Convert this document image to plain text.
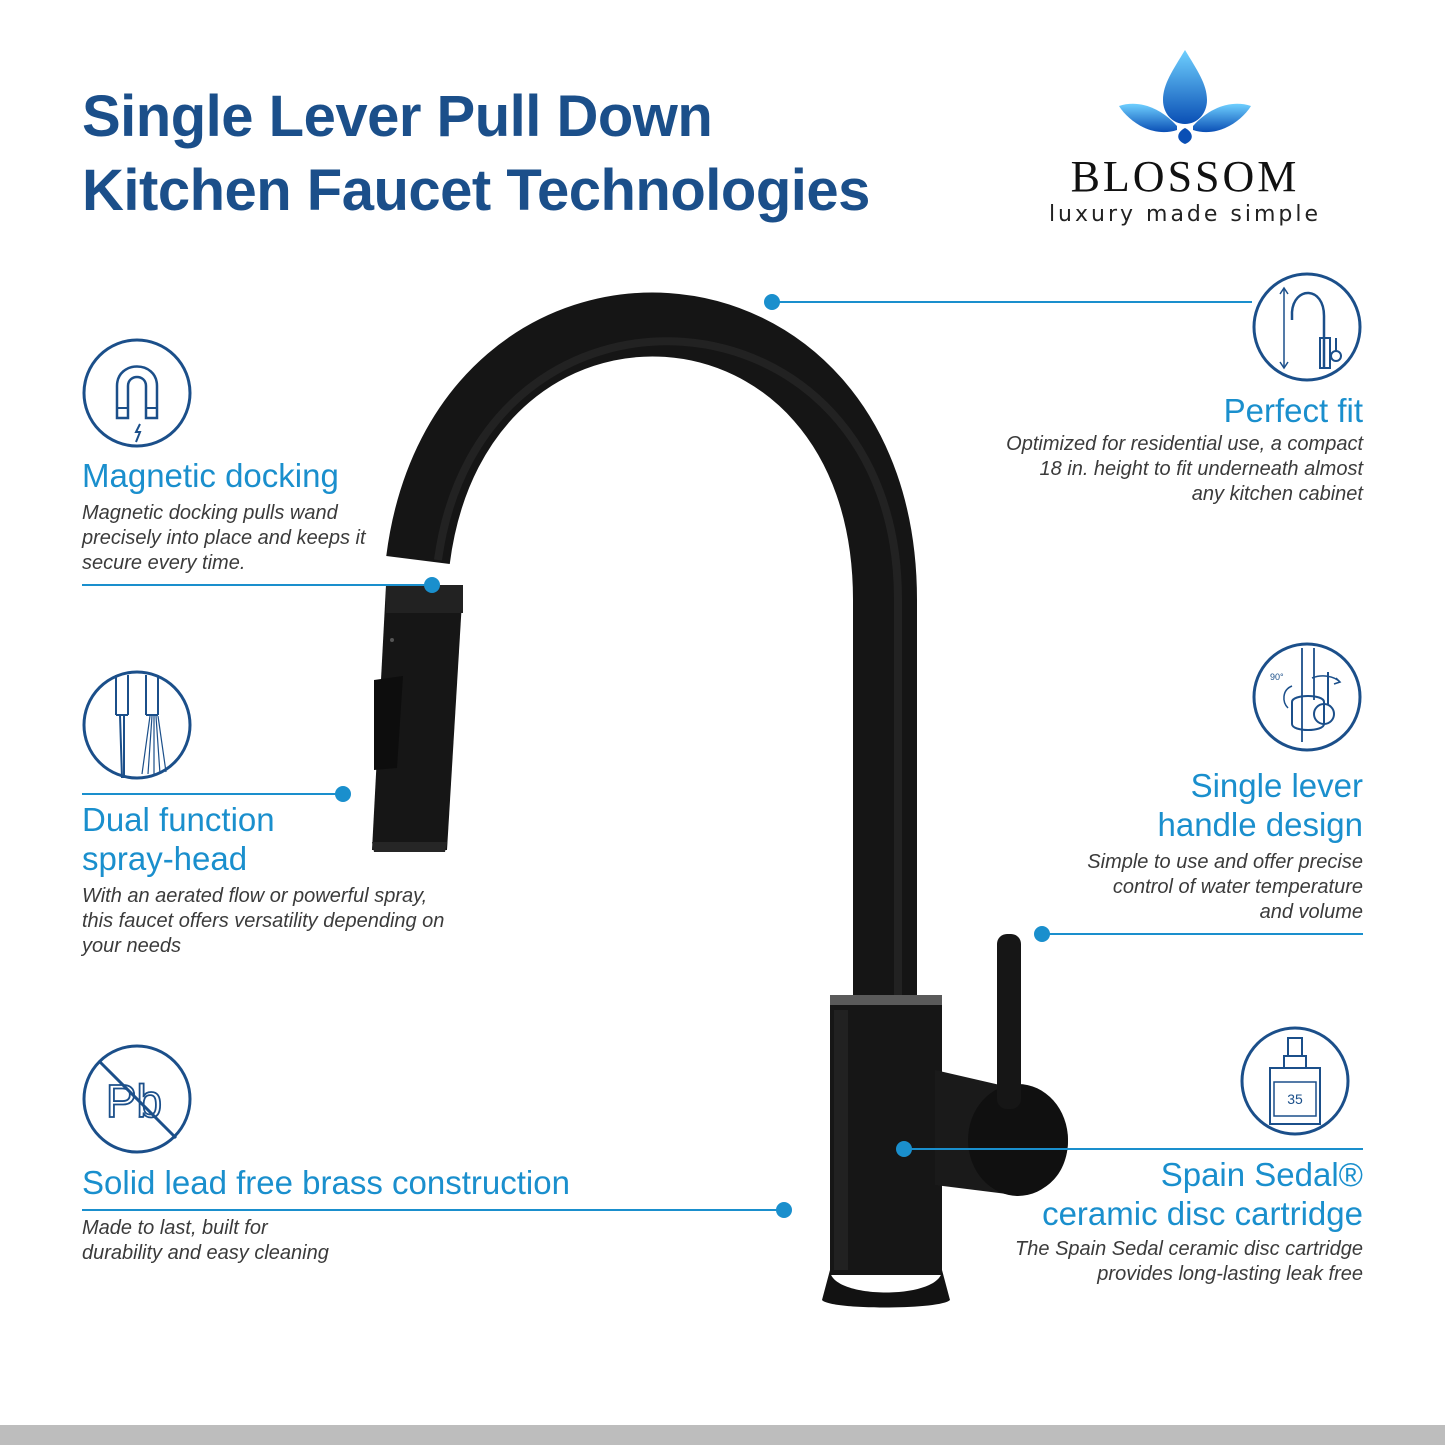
Single Lever Pull Down
Kitchen Faucet Technologies	BLOSSOM
luxury made simple
Magnetic docking
Magnetic docking pulls wand precisely into place and keeps it secure every time.
Dual function
spray-head
With an aerated flow or powerful spray, this faucet offers versatility depending on your needs
Pb
Solid lead free brass construction
Made to last, built for
durability and easy cleaning
Perfect fit
Optimized for residential use, a compact
18 in. height to fit underneath almost
any kitchen cabinet
90°
Single lever
handle design
Simple to use and offer precise
control of water temperature
and volume
35
Spain Sedal®
ceramic disc cartridge
The Spain Sedal ceramic disc cartridge
provides long-lasting leak free
